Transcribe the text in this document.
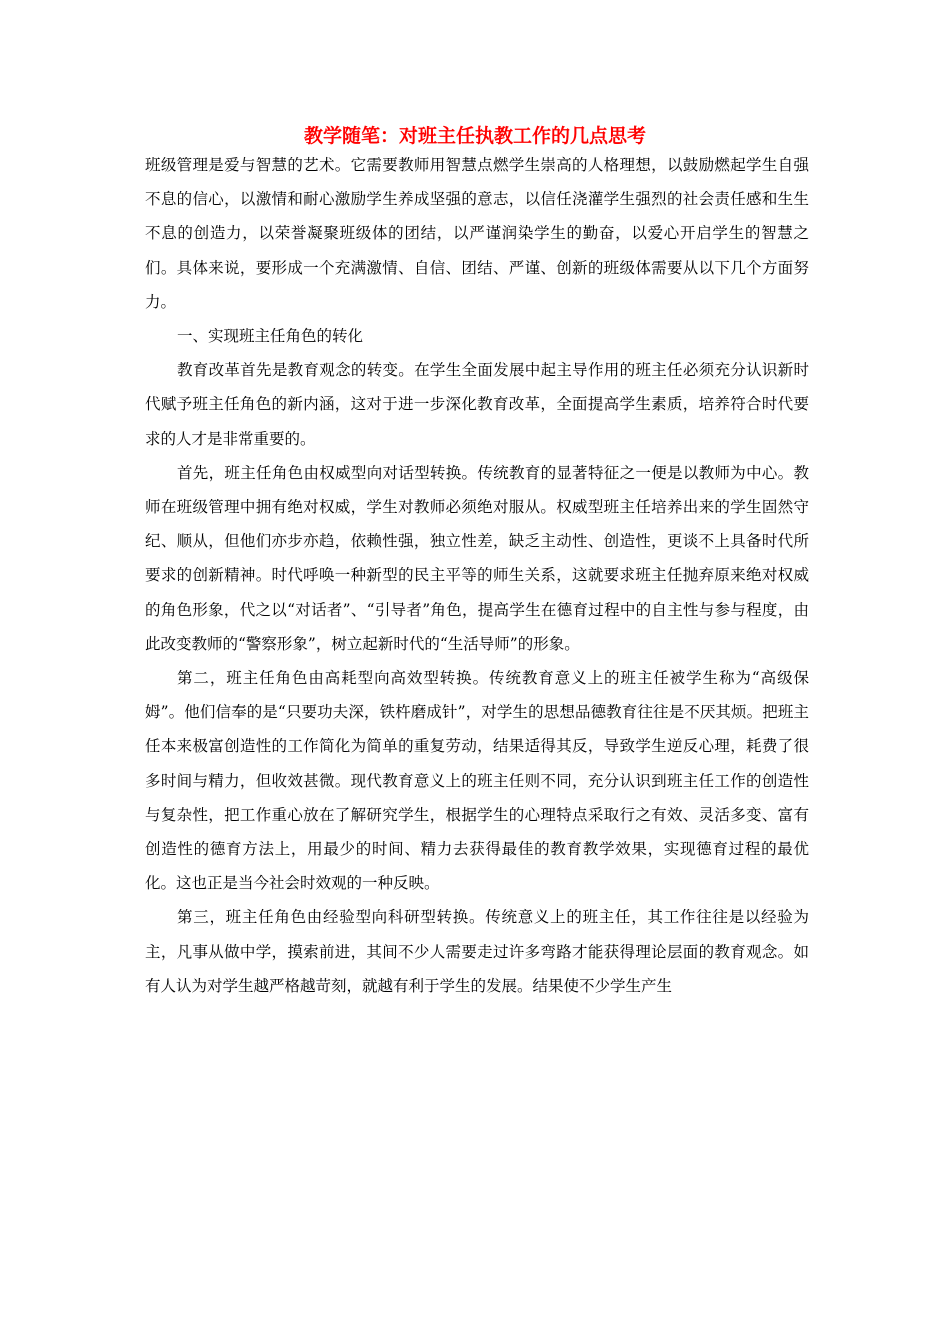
教学随笔：对班主任执教工作的几点思考

班级管理是爱与智慧的艺术。它需要教师用智慧点燃学生崇高的人格理想，以鼓励燃起学生自强不息的信心，以激情和耐心激励学生养成坚强的意志，以信任浇灌学生强烈的社会责任感和生生不息的创造力，以荣誉凝聚班级体的团结，以严谨润染学生的勤奋，以爱心开启学生的智慧之们。具体来说，要形成一个充满激情、自信、团结、严谨、创新的班级体需要从以下几个方面努力。

一、实现班主任角色的转化

教育改革首先是教育观念的转变。在学生全面发展中起主导作用的班主任必须充分认识新时代赋予班主任角色的新内涵，这对于进一步深化教育改革，全面提高学生素质，培养符合时代要求的人才是非常重要的。

首先，班主任角色由权威型向对话型转换。传统教育的显著特征之一便是以教师为中心。教师在班级管理中拥有绝对权威，学生对教师必须绝对服从。权威型班主任培养出来的学生固然守纪、顺从，但他们亦步亦趋，依赖性强，独立性差，缺乏主动性、创造性，更谈不上具备时代所要求的创新精神。时代呼唤一种新型的民主平等的师生关系，这就要求班主任抛弃原来绝对权威的角色形象，代之以“对话者”、“引导者”角色，提高学生在德育过程中的自主性与参与程度，由此改变教师的“警察形象”，树立起新时代的“生活导师”的形象。

第二，班主任角色由高耗型向高效型转换。传统教育意义上的班主任被学生称为“高级保姆”。他们信奉的是“只要功夫深，铁杵磨成针”，对学生的思想品德教育往往是不厌其烦。把班主任本来极富创造性的工作简化为简单的重复劳动，结果适得其反，导致学生逆反心理，耗费了很多时间与精力，但收效甚微。现代教育意义上的班主任则不同，充分认识到班主任工作的创造性与复杂性，把工作重心放在了解研究学生，根据学生的心理特点采取行之有效、灵活多变、富有创造性的德育方法上，用最少的时间、精力去获得最佳的教育教学效果，实现德育过程的最优化。这也正是当今社会时效观的一种反映。

第三，班主任角色由经验型向科研型转换。传统意义上的班主任，其工作往往是以经验为主，凡事从做中学，摸索前进，其间不少人需要走过许多弯路才能获得理论层面的教育观念。如有人认为对学生越严格越苛刻，就越有利于学生的发展。结果使不少学生产生
